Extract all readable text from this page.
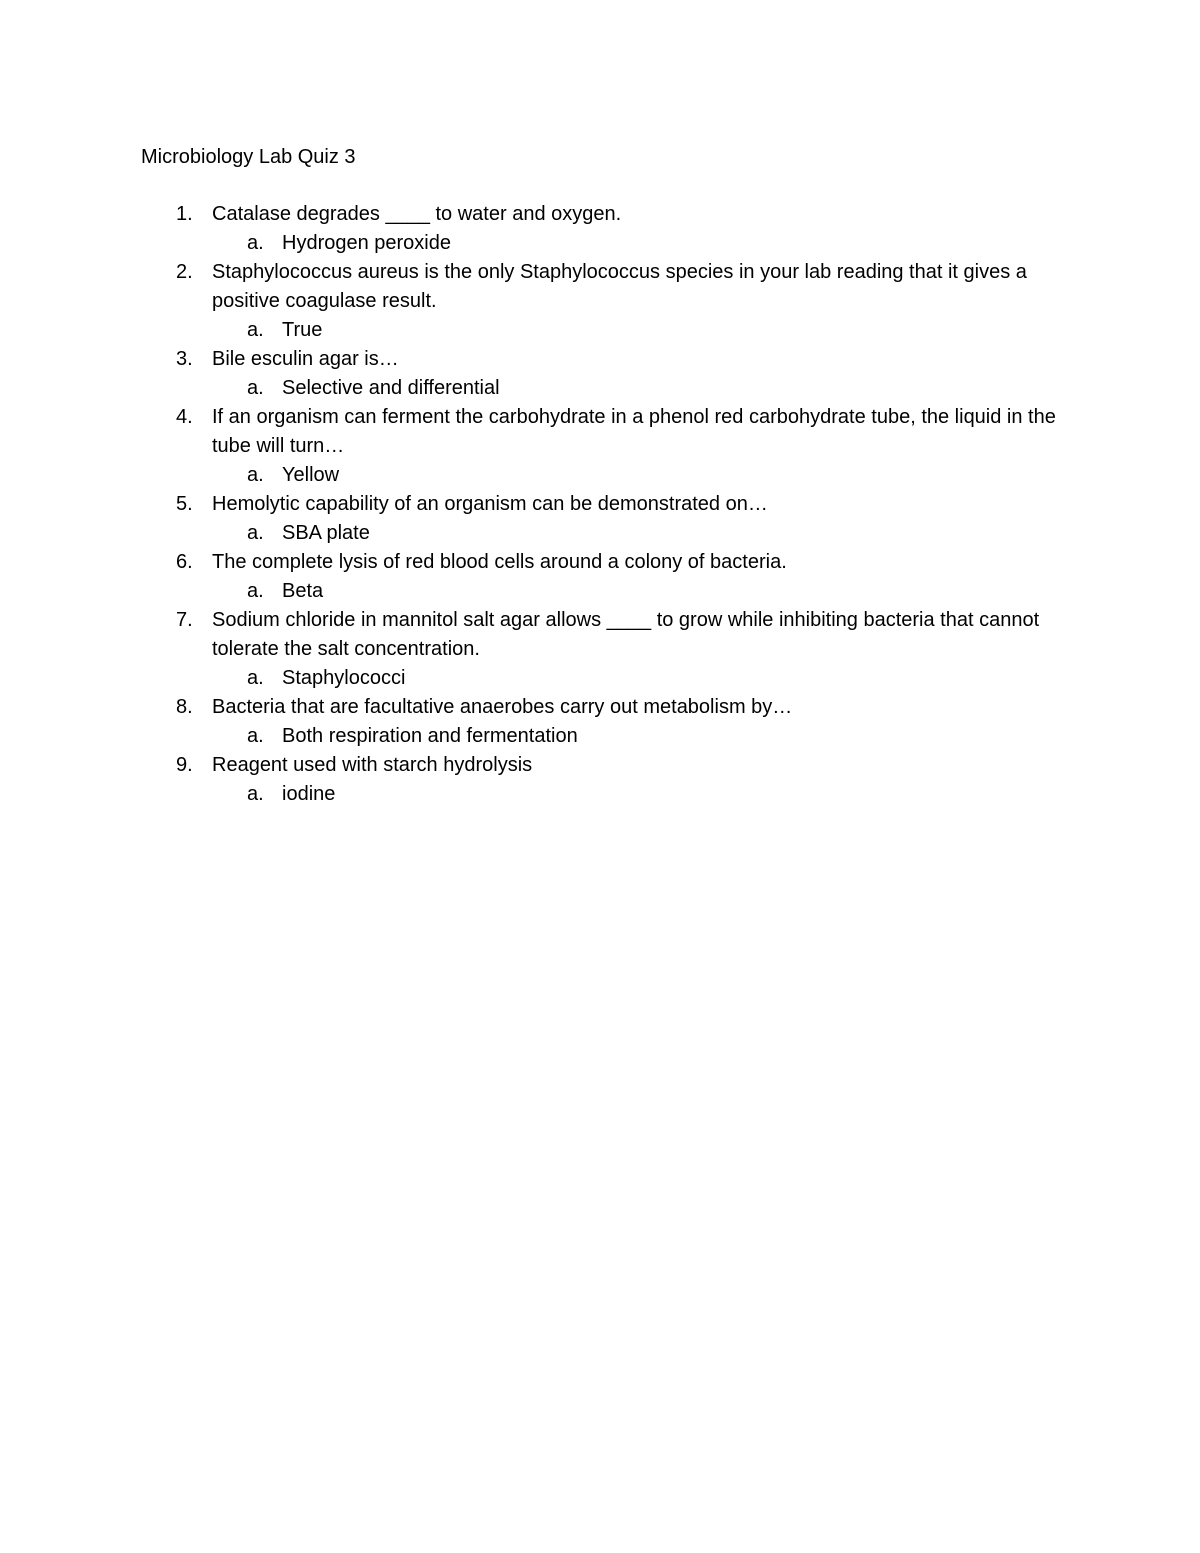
Microbiology Lab Quiz 3
1. Catalase degrades ____ to water and oxygen.
a. Hydrogen peroxide
2. Staphylococcus aureus is the only Staphylococcus species in your lab reading that it gives a positive coagulase result.
a. True
3. Bile esculin agar is…
a. Selective and differential
4. If an organism can ferment the carbohydrate in a phenol red carbohydrate tube, the liquid in the tube will turn…
a. Yellow
5. Hemolytic capability of an organism can be demonstrated on…
a. SBA plate
6. The complete lysis of red blood cells around a colony of bacteria.
a. Beta
7. Sodium chloride in mannitol salt agar allows ____ to grow while inhibiting bacteria that cannot tolerate the salt concentration.
a. Staphylococci
8. Bacteria that are facultative anaerobes carry out metabolism by…
a. Both respiration and fermentation
9. Reagent used with starch hydrolysis
a. iodine
